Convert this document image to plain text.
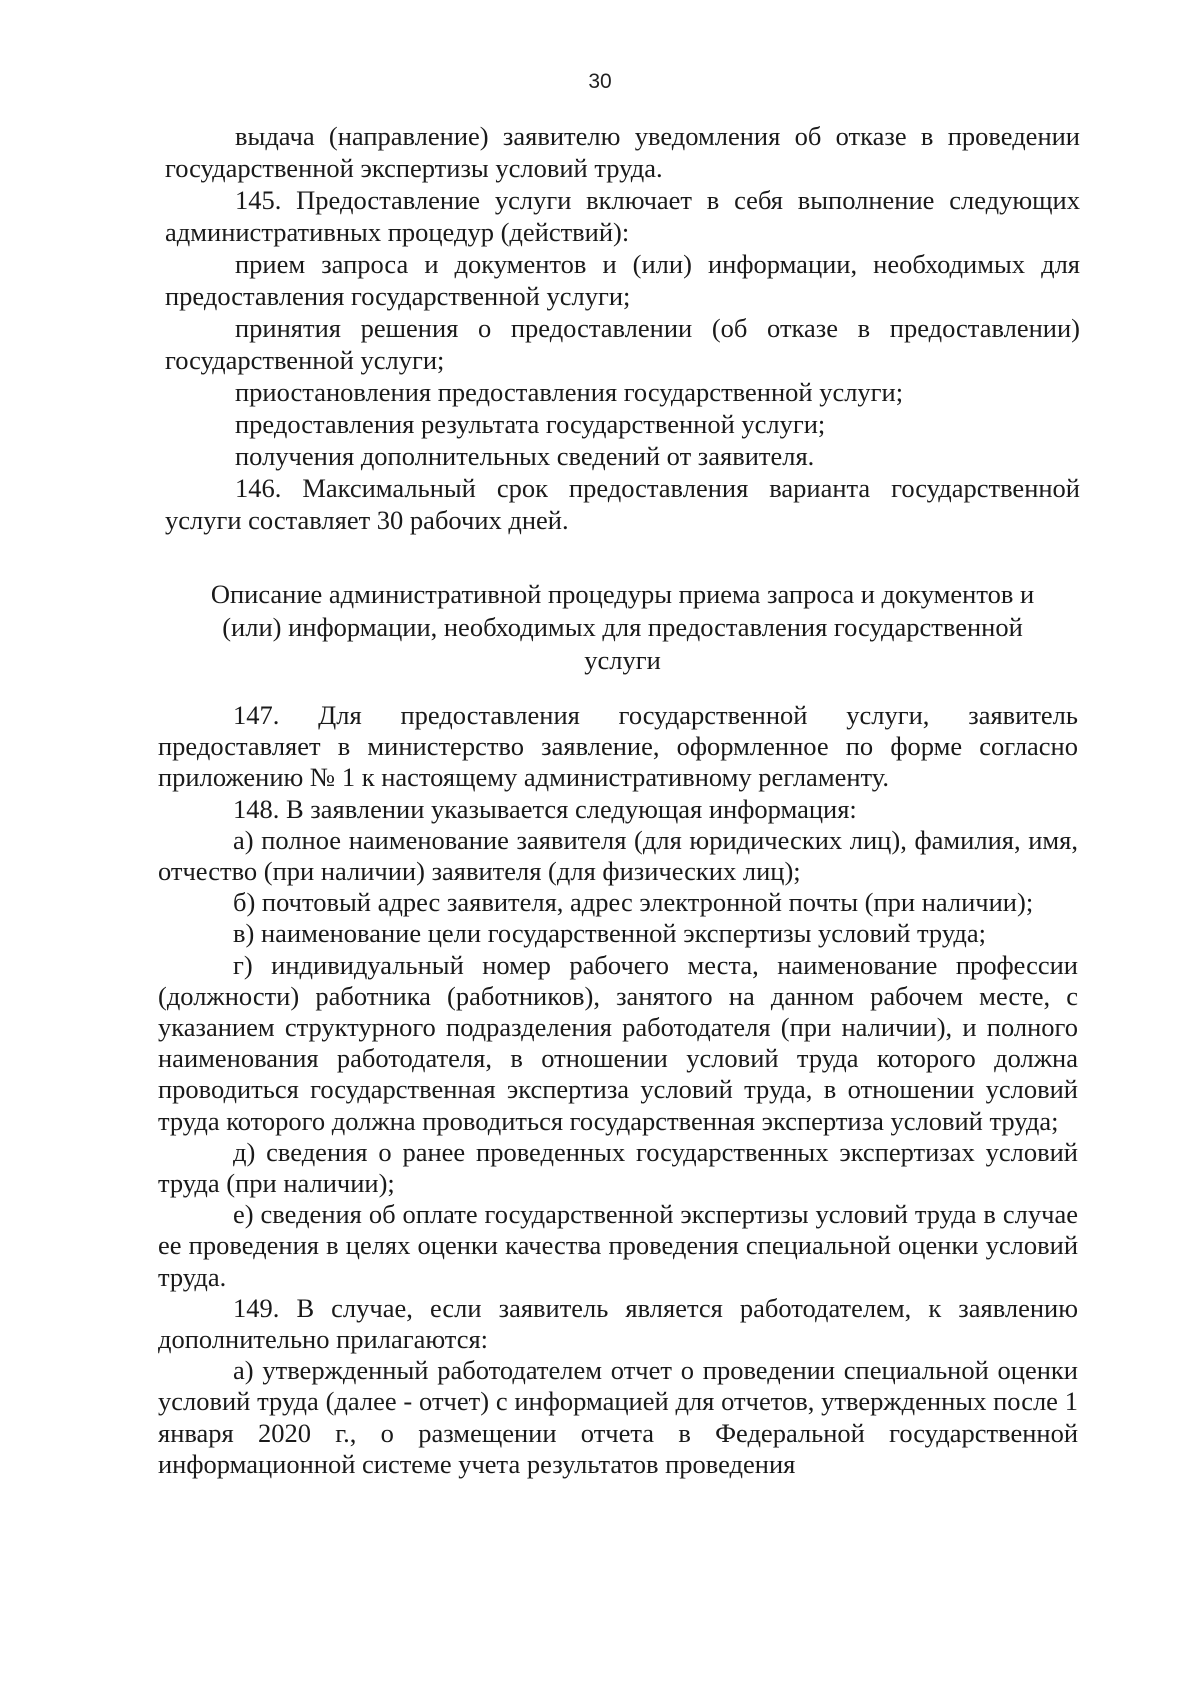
30

выдача (направление) заявителю уведомления об отказе в проведении государственной экспертизы условий труда.

145. Предоставление услуги включает в себя выполнение следующих административных процедур (действий):

прием запроса и документов и (или) информации, необходимых для предоставления государственной услуги;

принятия решения о предоставлении (об отказе в предоставлении) государственной услуги;

приостановления предоставления государственной услуги;

предоставления результата государственной услуги;

получения дополнительных сведений от заявителя.

146. Максимальный срок предоставления варианта государственной услуги составляет 30 рабочих дней.

Описание административной процедуры приема запроса и документов и
(или) информации, необходимых для предоставления государственной
услуги

147. Для предоставления государственной услуги, заявитель предоставляет в министерство заявление, оформленное по форме согласно приложению № 1 к настоящему административному регламенту.

148. В заявлении указывается следующая информация:

а) полное наименование заявителя (для юридических лиц), фамилия, имя, отчество (при наличии) заявителя (для физических лиц);

б) почтовый адрес заявителя, адрес электронной почты (при наличии);

в) наименование цели государственной экспертизы условий труда;

г) индивидуальный номер рабочего места, наименование профессии (должности) работника (работников), занятого на данном рабочем месте, с указанием структурного подразделения работодателя (при наличии), и полного наименования работодателя, в отношении условий труда которого должна проводиться государственная экспертиза условий труда, в отношении условий труда которого должна проводиться государственная экспертиза условий труда;

д) сведения о ранее проведенных государственных экспертизах условий труда (при наличии);

е) сведения об оплате государственной экспертизы условий труда в случае ее проведения в целях оценки качества проведения специальной оценки условий труда.

149. В случае, если заявитель является работодателем, к заявлению дополнительно прилагаются:

а) утвержденный работодателем отчет о проведении специальной оценки условий труда (далее - отчет) с информацией для отчетов, утвержденных после 1 января 2020 г., о размещении отчета в Федеральной государственной информационной системе учета результатов проведения
